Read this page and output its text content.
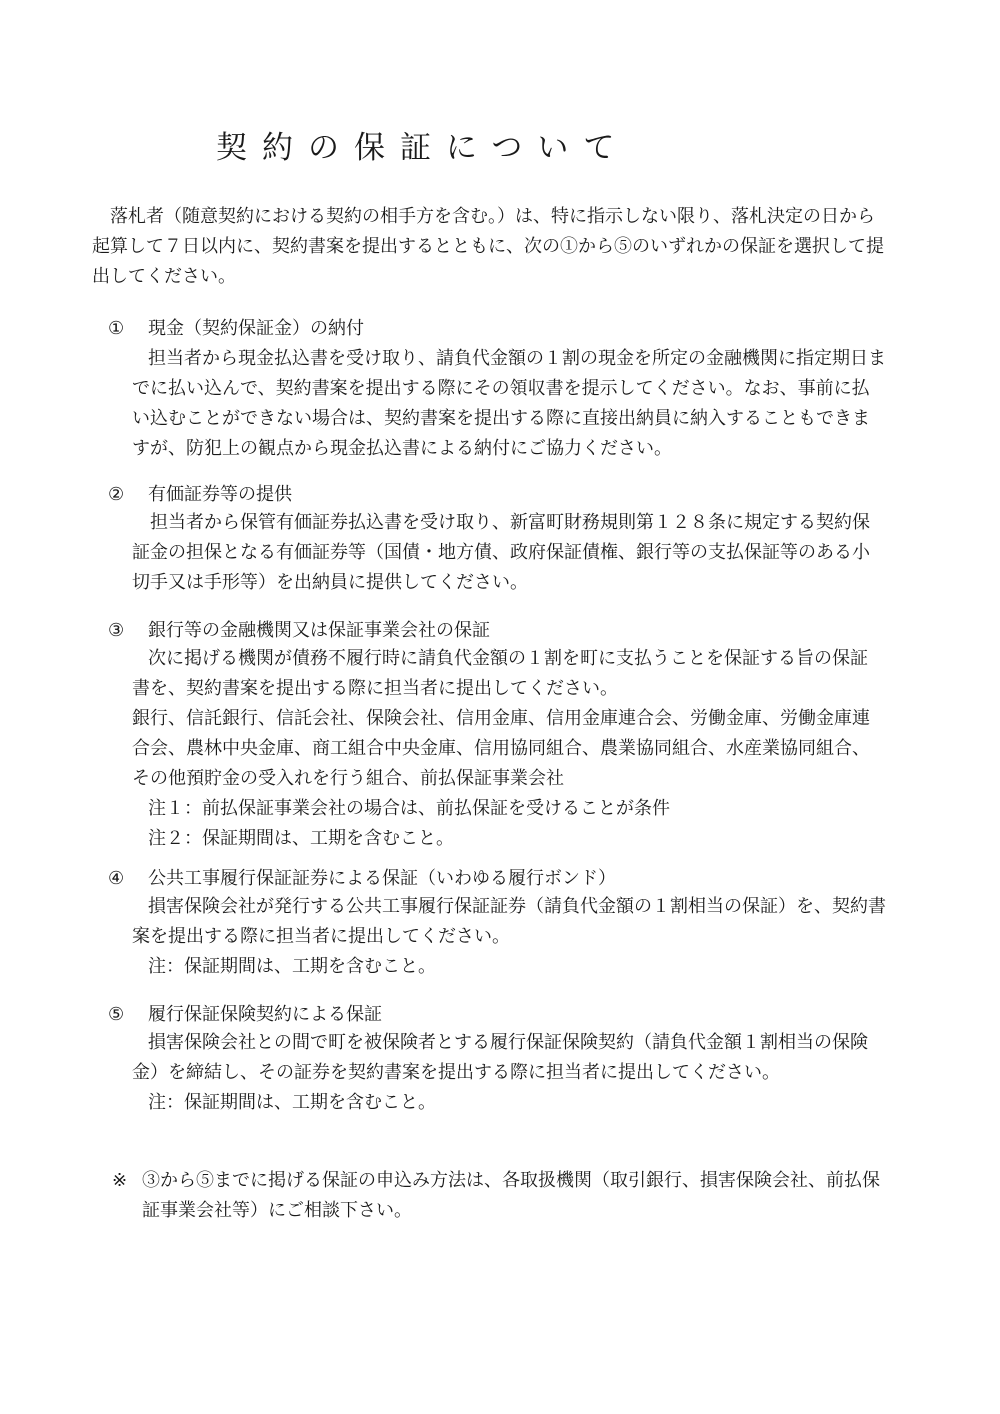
契約の保証について
落札者（随意契約における契約の相手方を含む。）は、特に指示しない限り、落札決定の日から
起算して７日以内に、契約書案を提出するとともに、次の①から⑤のいずれかの保証を選択して提
出してください。
① 現金（契約保証金）の納付
担当者から現金払込書を受け取り、請負代金額の１割の現金を所定の金融機関に指定期日ま
でに払い込んで、契約書案を提出する際にその領収書を提示してください。なお、事前に払
い込むことができない場合は、契約書案を提出する際に直接出納員に納入することもできま
すが、防犯上の観点から現金払込書による納付にご協力ください。
② 有価証券等の提供
担当者から保管有価証券払込書を受け取り、新富町財務規則第１２８条に規定する契約保
証金の担保となる有価証券等（国債・地方債、政府保証債権、銀行等の支払保証等のある小
切手又は手形等）を出納員に提供してください。
③ 銀行等の金融機関又は保証事業会社の保証
次に掲げる機関が債務不履行時に請負代金額の１割を町に支払うことを保証する旨の保証
書を、契約書案を提出する際に担当者に提出してください。
銀行、信託銀行、信託会社、保険会社、信用金庫、信用金庫連合会、労働金庫、労働金庫連
合会、農林中央金庫、商工組合中央金庫、信用協同組合、農業協同組合、水産業協同組合、
その他預貯金の受入れを行う組合、前払保証事業会社
注１：前払保証事業会社の場合は、前払保証を受けることが条件
注２：保証期間は、工期を含むこと。
④ 公共工事履行保証証券による保証（いわゆる履行ボンド）
損害保険会社が発行する公共工事履行保証証券（請負代金額の１割相当の保証）を、契約書
案を提出する際に担当者に提出してください。
注：保証期間は、工期を含むこと。
⑤ 履行保証保険契約による保証
損害保険会社との間で町を被保険者とする履行保証保険契約（請負代金額１割相当の保険
金）を締結し、その証券を契約書案を提出する際に担当者に提出してください。
注：保証期間は、工期を含むこと。
※ ③から⑤までに掲げる保証の申込み方法は、各取扱機関（取引銀行、損害保険会社、前払保
証事業会社等）にご相談下さい。
